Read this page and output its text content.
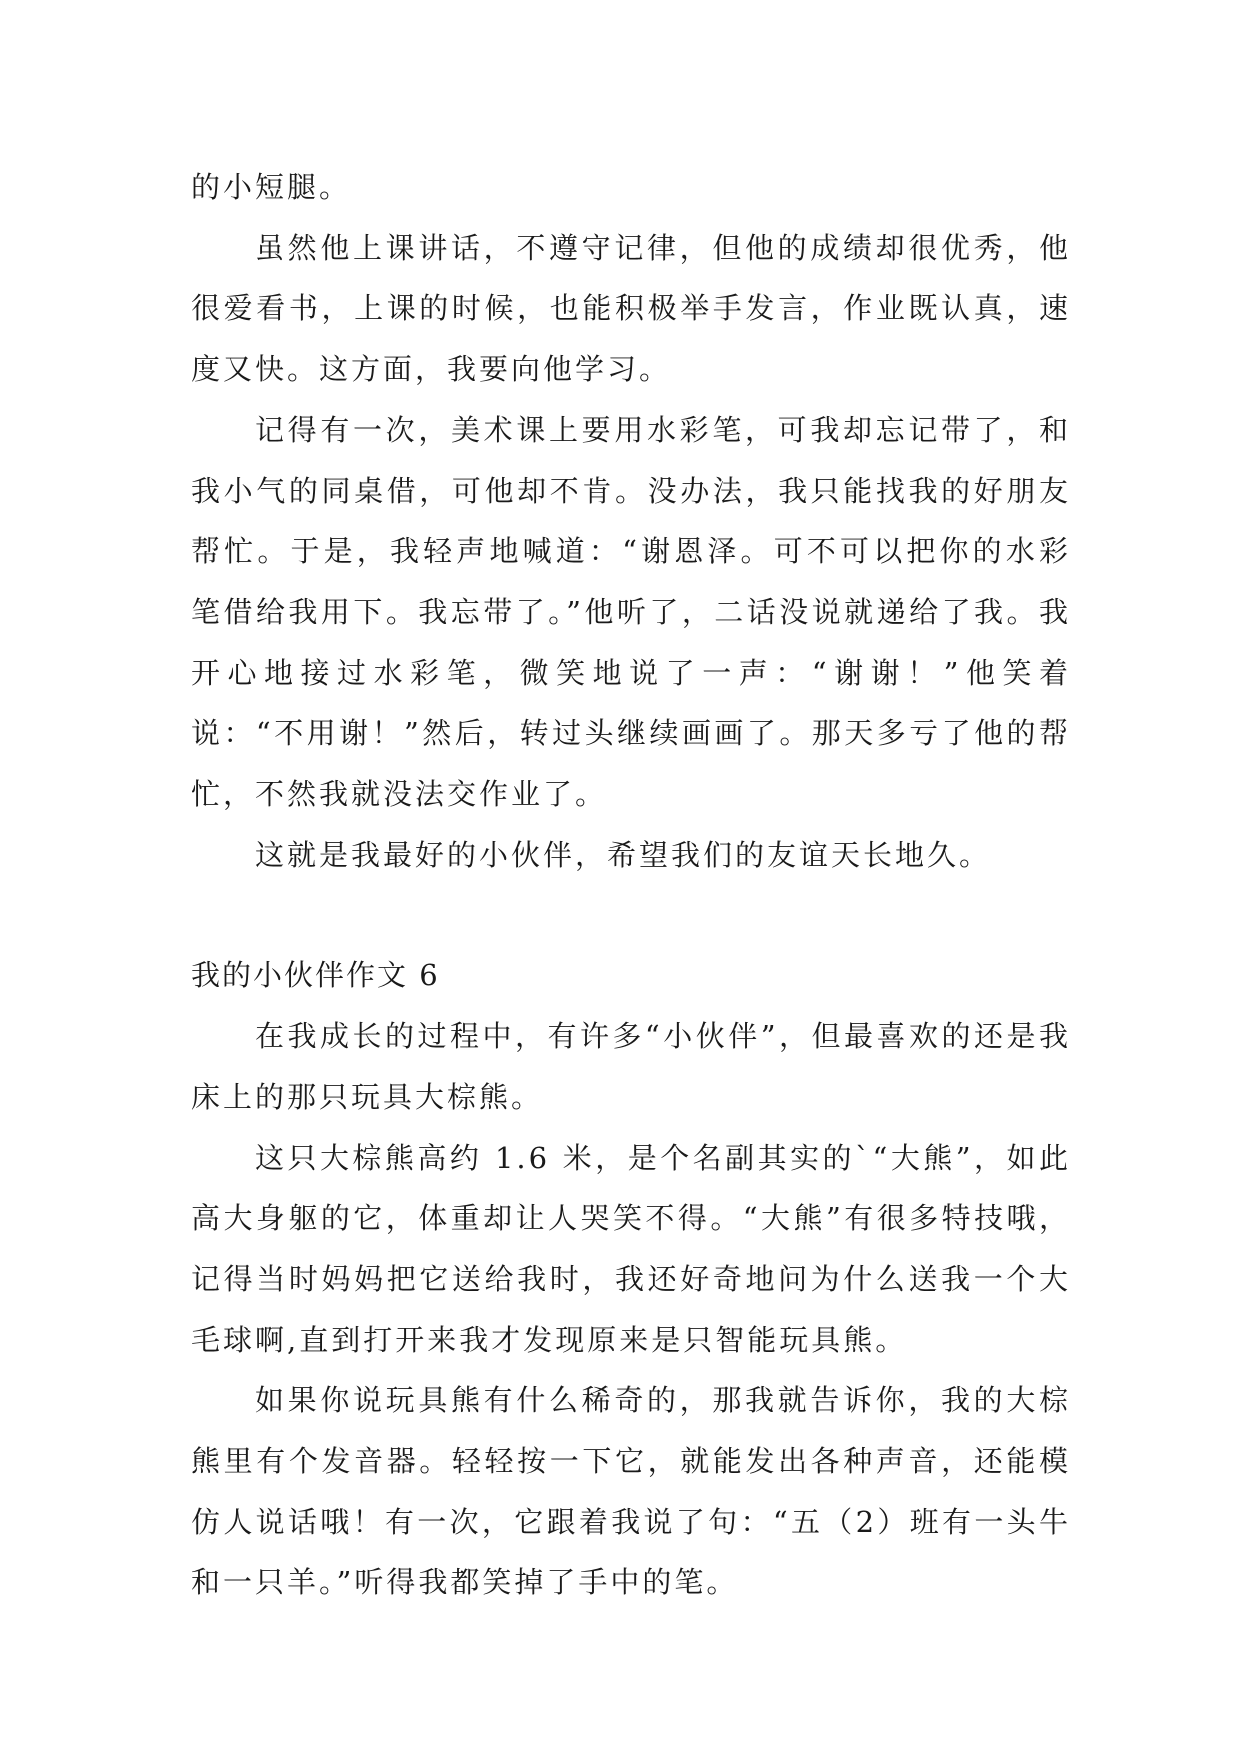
的小短腿。

虽然他上课讲话，不遵守记律，但他的成绩却很优秀，他很爱看书，上课的时候，也能积极举手发言，作业既认真，速度又快。这方面，我要向他学习。

记得有一次，美术课上要用水彩笔，可我却忘记带了，和我小气的同桌借，可他却不肯。没办法，我只能找我的好朋友帮忙。于是，我轻声地喊道：“谢恩泽。可不可以把你的水彩笔借给我用下。我忘带了。”他听了，二话没说就递给了我。我开心地接过水彩笔，微笑地说了一声：“谢谢！”他笑着说：“不用谢！”然后，转过头继续画画了。那天多亏了他的帮忙，不然我就没法交作业了。

这就是我最好的小伙伴，希望我们的友谊天长地久。

我的小伙伴作文 6

在我成长的过程中，有许多“小伙伴”，但最喜欢的还是我床上的那只玩具大棕熊。

这只大棕熊高约 1.6 米，是个名副其实的`“大熊”，如此高大身躯的它，体重却让人哭笑不得。“大熊”有很多特技哦，记得当时妈妈把它送给我时，我还好奇地问为什么送我一个大毛球啊,直到打开来我才发现原来是只智能玩具熊。

如果你说玩具熊有什么稀奇的，那我就告诉你，我的大棕熊里有个发音器。轻轻按一下它，就能发出各种声音，还能模仿人说话哦！有一次，它跟着我说了句：“五（2）班有一头牛和一只羊。”听得我都笑掉了手中的笔。
